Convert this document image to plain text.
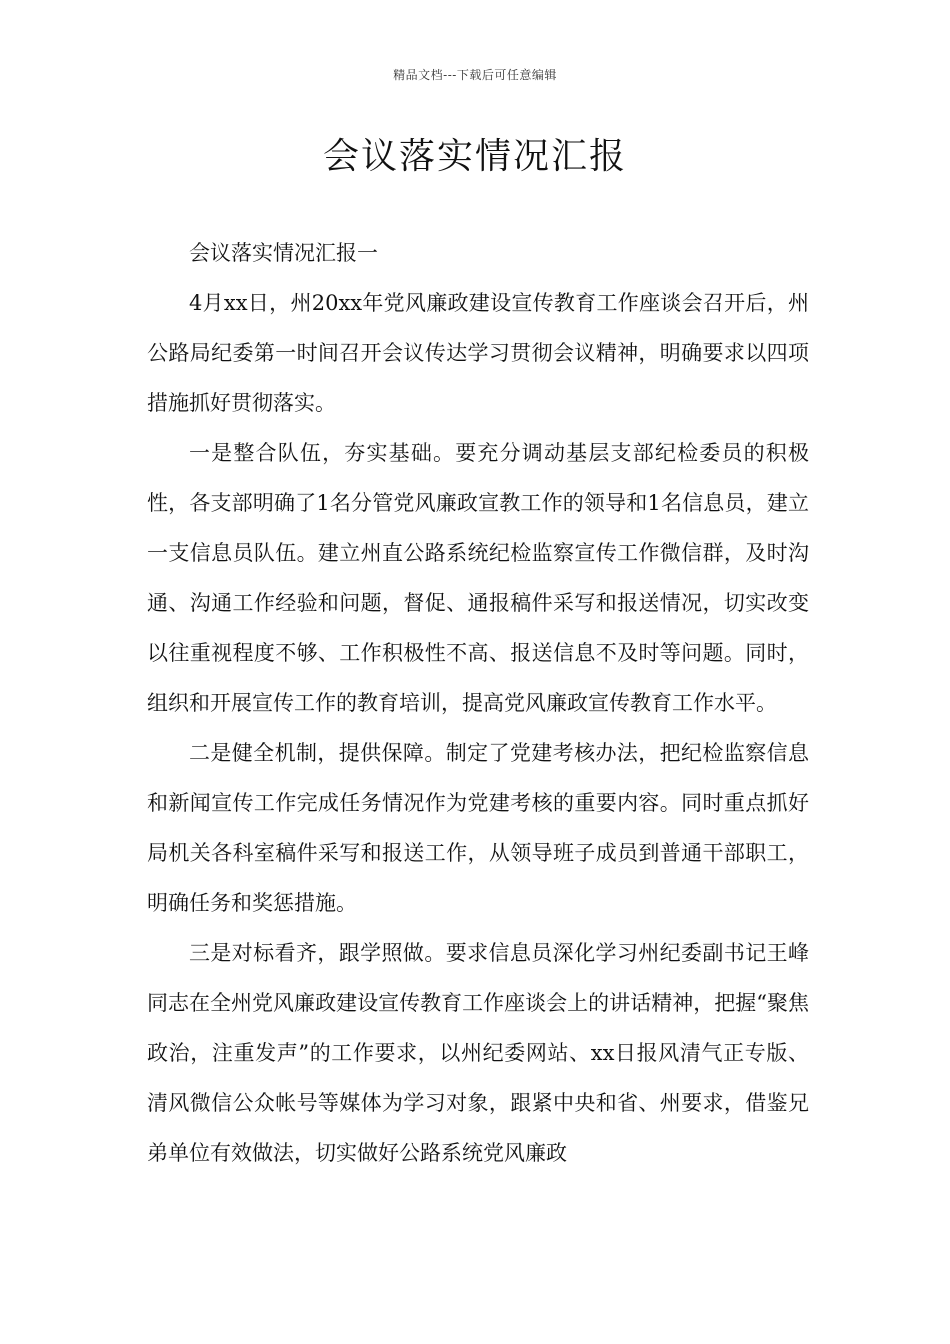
精品文档---下载后可任意编辑
会议落实情况汇报

会议落实情况汇报一

4月xx日，州20xx年党风廉政建设宣传教育工作座谈会召开后，州公路局纪委第一时间召开会议传达学习贯彻会议精神，明确要求以四项措施抓好贯彻落实。

一是整合队伍，夯实基础。要充分调动基层支部纪检委员的积极性，各支部明确了1名分管党风廉政宣教工作的领导和1名信息员，建立一支信息员队伍。建立州直公路系统纪检监察宣传工作微信群，及时沟通、沟通工作经验和问题，督促、通报稿件采写和报送情况，切实改变以往重视程度不够、工作积极性不高、报送信息不及时等问题。同时，组织和开展宣传工作的教育培训，提高党风廉政宣传教育工作水平。

二是健全机制，提供保障。制定了党建考核办法，把纪检监察信息和新闻宣传工作完成任务情况作为党建考核的重要内容。同时重点抓好局机关各科室稿件采写和报送工作，从领导班子成员到普通干部职工，明确任务和奖惩措施。

三是对标看齐，跟学照做。要求信息员深化学习州纪委副书记王峰同志在全州党风廉政建设宣传教育工作座谈会上的讲话精神，把握“聚焦政治，注重发声”的工作要求，以州纪委网站、xx日报风清气正专版、清风微信公众帐号等媒体为学习对象，跟紧中央和省、州要求，借鉴兄弟单位有效做法，切实做好公路系统党风廉政
